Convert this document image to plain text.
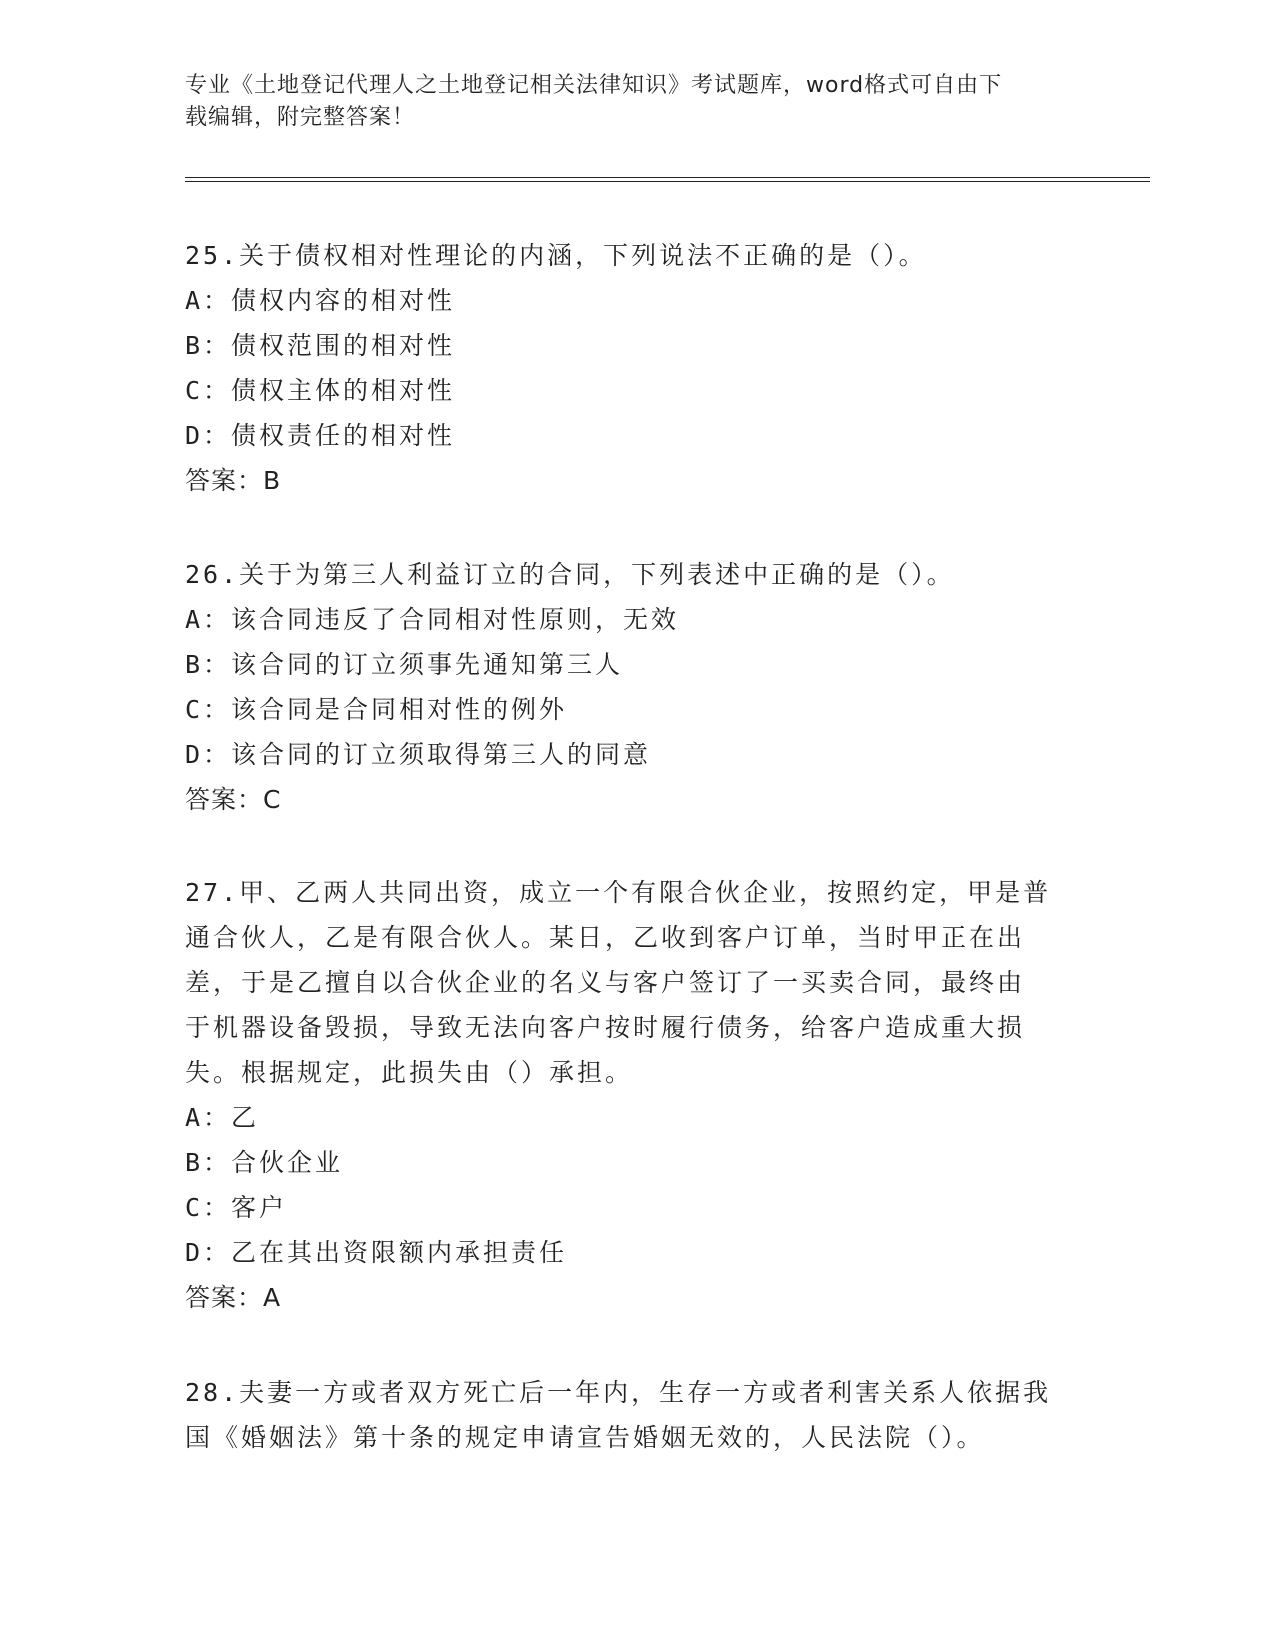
专业《土地登记代理人之土地登记相关法律知识》考试题库，word格式可自由下
载编辑，附完整答案！
25.关于债权相对性理论的内涵，下列说法不正确的是（）。
A：债权内容的相对性
B：债权范围的相对性
C：债权主体的相对性
D：债权责任的相对性
答案：B
26.关于为第三人利益订立的合同，下列表述中正确的是（）。
A：该合同违反了合同相对性原则，无效
B：该合同的订立须事先通知第三人
C：该合同是合同相对性的例外
D：该合同的订立须取得第三人的同意
答案：C
27.甲、乙两人共同出资，成立一个有限合伙企业，按照约定，甲是普
通合伙人，乙是有限合伙人。某日，乙收到客户订单，当时甲正在出
差，于是乙擅自以合伙企业的名义与客户签订了一买卖合同，最终由
于机器设备毁损，导致无法向客户按时履行债务，给客户造成重大损
失。根据规定，此损失由（）承担。
A：乙
B：合伙企业
C：客户
D：乙在其出资限额内承担责任
答案：A
28.夫妻一方或者双方死亡后一年内，生存一方或者利害关系人依据我
国《婚姻法》第十条的规定申请宣告婚姻无效的，人民法院（）。
